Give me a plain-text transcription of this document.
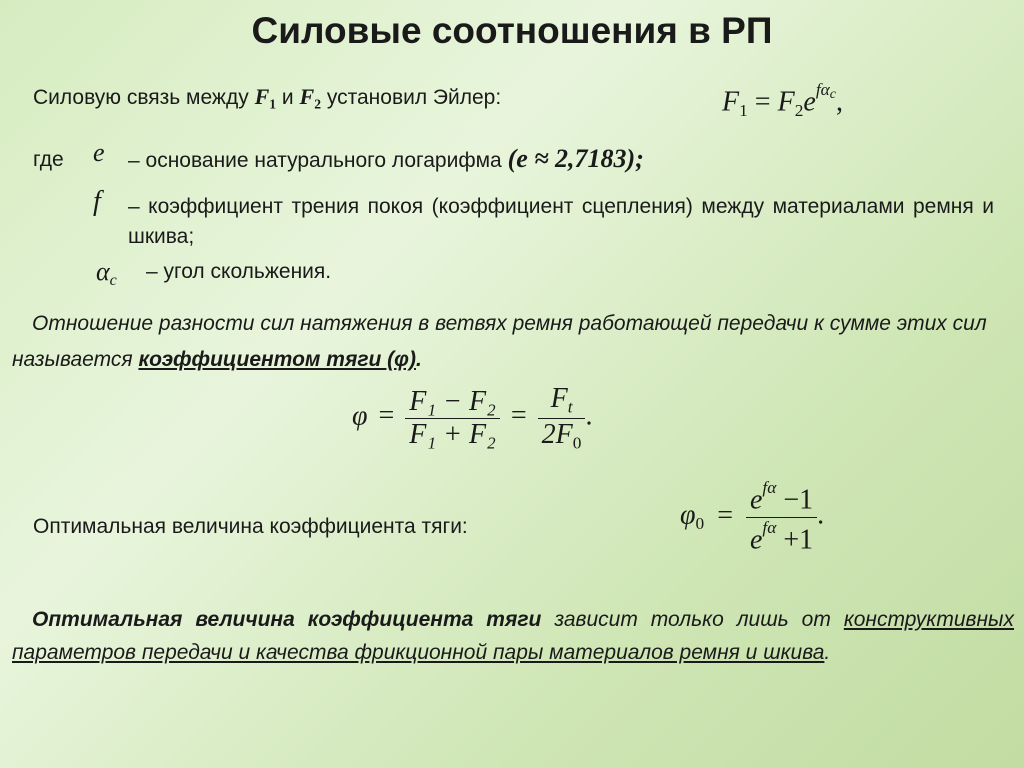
Силовые соотношения в РП
Силовую связь между $F_1$ и $F_2$ установил Эйлер:	$F_1 = F_2e^{f\alpha c}$,
где e – основание натурального логарифма (e ≈ 2,7183);
f – коэффициент трения покоя (коэффициент сцепления) между материалами ремня и шкива;
$\alpha_c$ – угол скольжения.
Отношение разности сил натяжения в ветвях ремня работающей передачи к сумме этих сил называется коэффициентом тяги (φ).
$\varphi = \frac{\text{F₁ − F₂}}{\text{F₁ + F₂}} = \frac{F_t}{2F_0}$ .
Оптимальная величина коэффициента тяги:	$\varphi_0 = \frac{e^{f\alpha} -1}{e^{f\alpha} +1}$ .
Оптимальная величина коэффициента тяги зависит только лишь от конструктивных параметров передачи и качества фрикционной пары материалов ремня и шкива.
